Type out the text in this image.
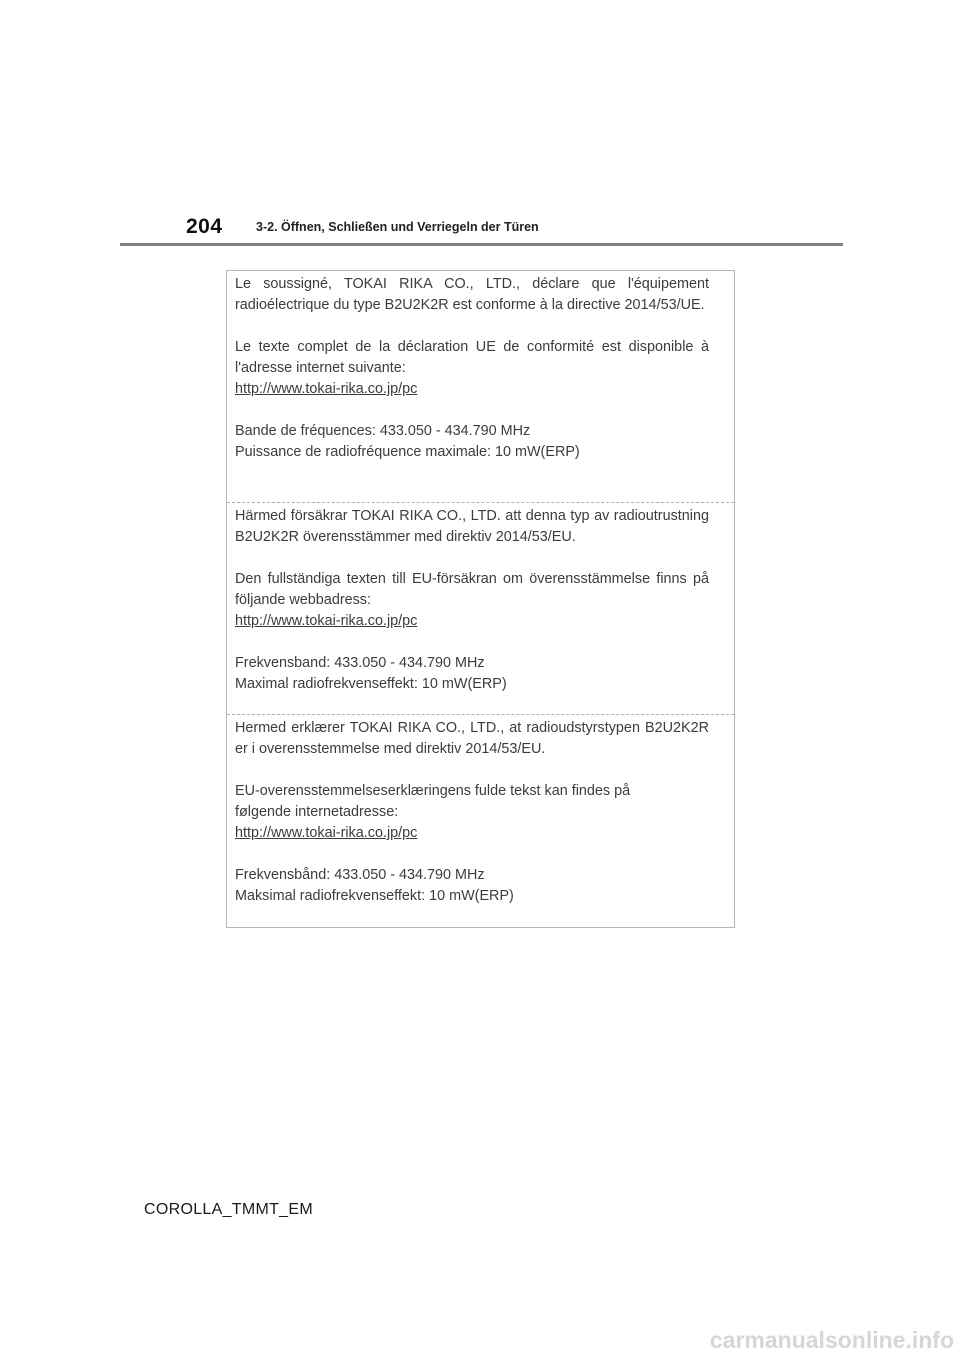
204	3-2. Öffnen, Schließen und Verriegeln der Türen

Le soussigné, TOKAI RIKA CO., LTD., déclare que l'équipement radioélectrique du type B2U2K2R est conforme à la directive 2014/53/UE.

Le texte complet de la déclaration UE de conformité est disponible à l'adresse internet suivante:

http://www.tokai-rika.co.jp/pc

Bande de fréquences: 433.050 - 434.790 MHz

Puissance de radiofréquence maximale: 10 mW(ERP)

Härmed försäkrar TOKAI RIKA CO., LTD. att denna typ av radioutrustning B2U2K2R överensstämmer med direktiv 2014/53/EU.

Den fullständiga texten till EU-försäkran om överensstämmelse finns på följande webbadress:

http://www.tokai-rika.co.jp/pc

Frekvensband: 433.050 - 434.790 MHz

Maximal radiofrekvenseffekt: 10 mW(ERP)

Hermed erklærer TOKAI RIKA CO., LTD., at radioudstyrstypen B2U2K2R er i overensstemmelse med direktiv 2014/53/EU.

EU-overensstemmelseserklæringens fulde tekst kan findes på

følgende internetadresse:

http://www.tokai-rika.co.jp/pc

Frekvensbånd: 433.050 - 434.790 MHz

Maksimal radiofrekvenseffekt: 10 mW(ERP)

COROLLA_TMMT_EM
carmanualsonline.info
